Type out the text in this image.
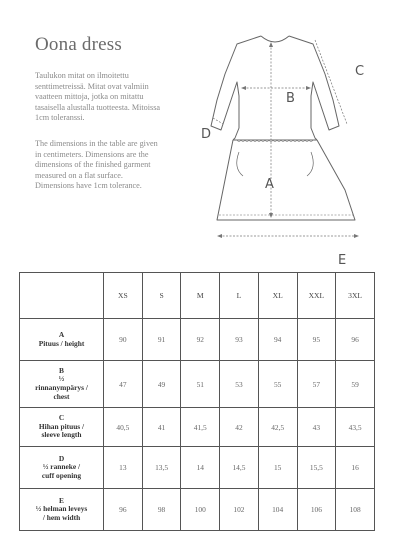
Oona dress
Taulukon mitat on ilmoitettu
senttimetreissä. Mitat ovat valmiin
vaatteen mittoja, jotka on mitattu
tasaisella alustalla tuotteesta. Mitoissa
1cm toleranssi.
The dimensions in the table are given
in centimeters. Dimensions are the
dimensions of the finished garment
measured on a flat surface.
Dimensions have 1cm tolerance.	A
B
C
D
E
	XS	S	M	L	XL	XXL	3XL

A
Pituus / height	90	91	92	93	94	95	96

B
½
rinnanympärys /
chest	47	49	51	53	55	57	59

C
Hihan pituus /
sleeve length	40,5	41	41,5	42	42,5	43	43,5

D
½ ranneke /
cuff opening	13	13,5	14	14,5	15	15,5	16

E
½ helman leveys
/ hem width	96	98	100	102	104	106	108
